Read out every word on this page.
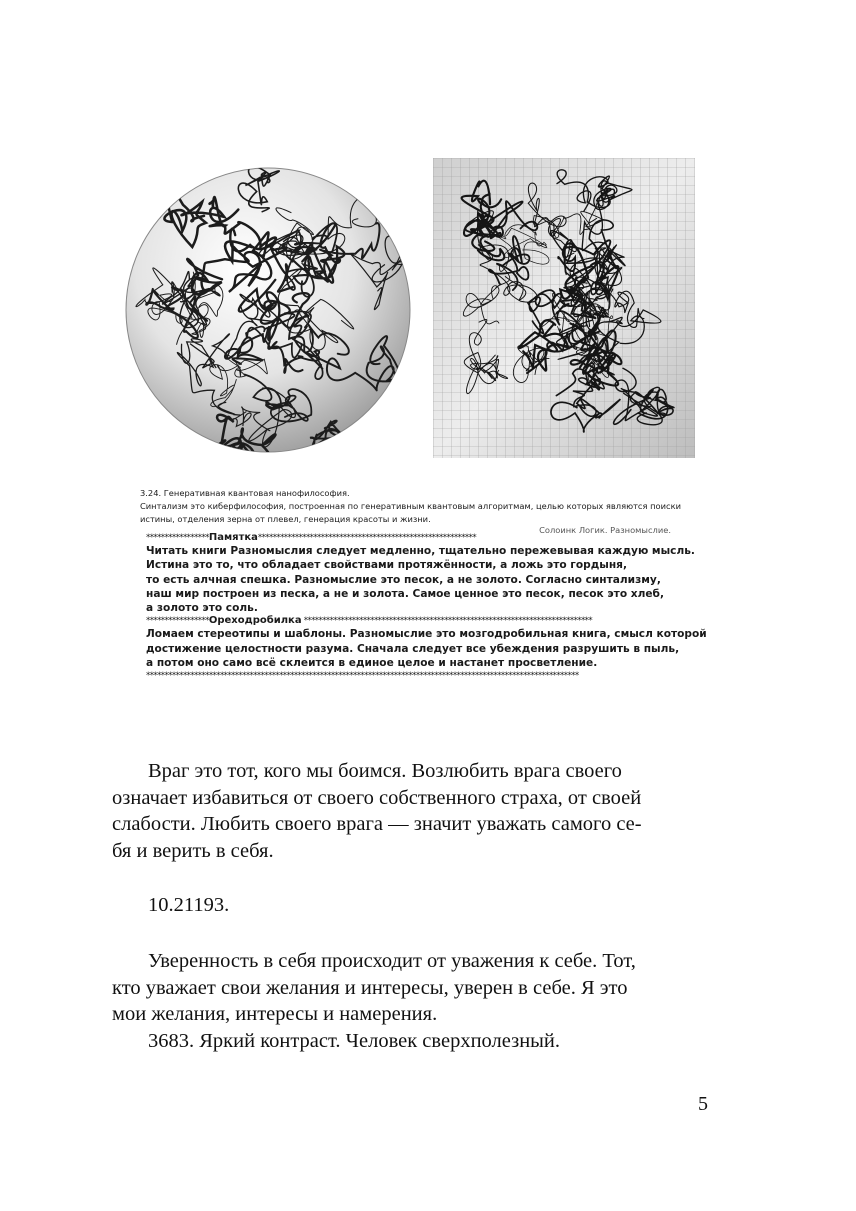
3.24. Генеративная квантовая нанофилософия.
Синтализм это киберфилософия, построенная по генеративным квантовым алгоритмам, целью которых являются поиски
истины, отделения зерна от плевел, генерация красоты и жизни.
Солоинк Логик. Разномыслие.
*****************Памятка***********************************************************
Читать книги Разномыслия следует медленно, тщательно пережевывая каждую мысль.
Истина это то, что обладает свойствами протяжённости, а ложь это гордыня,
то есть алчная спешка. Разномыслие это песок, а не золото. Согласно синтализму,
наш мир построен из песка, а не и золота. Самое ценное это песок, песок это хлеб,
а золото это соль.
*****************Ореходробилка ******************************************************************************
Ломаем стереотипы и шаблоны. Разномыслие это мозгодробильная книга, смысл которой
достижение целостности разума. Сначала следует все убеждения разрушить в пыль,
а потом оно само всё склеится в единое целое и настанет просветление.
*********************************************************************************************************************

Враг это тот, кого мы боимся. Возлюбить врага своего
означает избавиться от своего собственного страха, от своей
слабости. Любить своего врага — значит уважать самого се-
бя и верить в себя.

10.21193.

Уверенность в себя происходит от уважения к себе. Тот,
кто уважает свои желания и интересы, уверен в себе. Я это
мои желания, интересы и намерения.
3683. Яркий контраст. Человек сверхполезный.

5
